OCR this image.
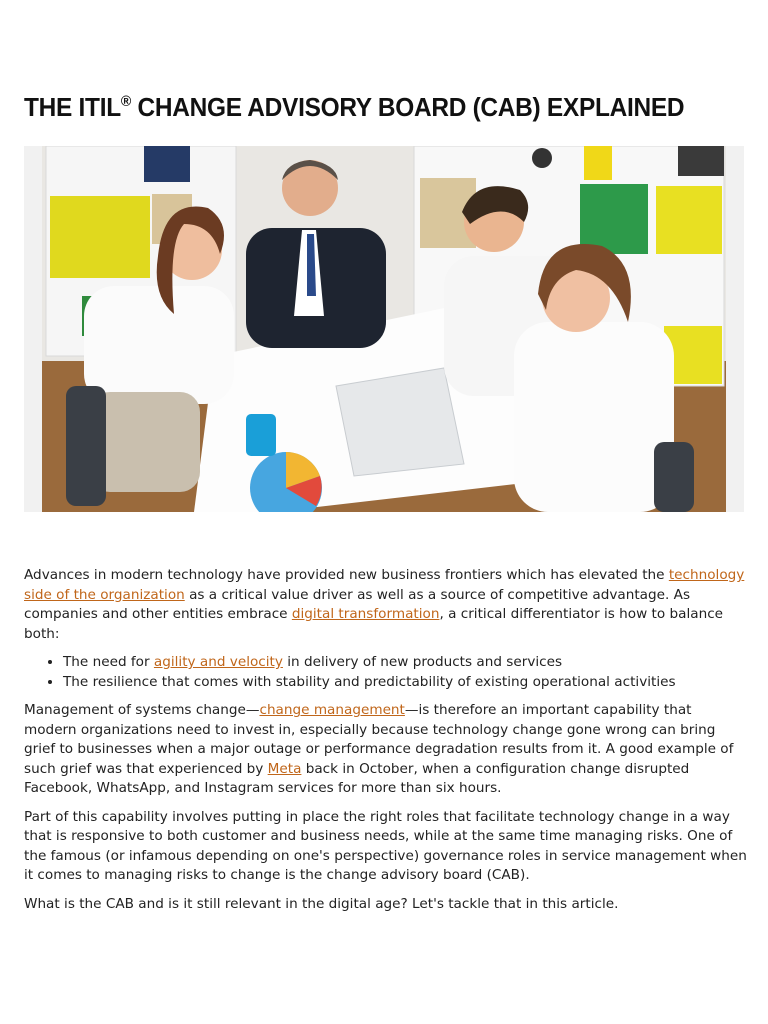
THE ITIL® CHANGE ADVISORY BOARD (CAB) EXPLAINED

Advances in modern technology have provided new business frontiers which has elevated the technology side of the organization as a critical value driver as well as a source of competitive advantage. As companies and other entities embrace digital transformation, a critical differentiator is how to balance both:

• The need for agility and velocity in delivery of new products and services
• The resilience that comes with stability and predictability of existing operational activities

Management of systems change—change management—is therefore an important capability that modern organizations need to invest in, especially because technology change gone wrong can bring grief to businesses when a major outage or performance degradation results from it. A good example of such grief was that experienced by Meta back in October, when a configuration change disrupted Facebook, WhatsApp, and Instagram services for more than six hours.

Part of this capability involves putting in place the right roles that facilitate technology change in a way that is responsive to both customer and business needs, while at the same time managing risks. One of the famous (or infamous depending on one's perspective) governance roles in service management when it comes to managing risks to change is the change advisory board (CAB).

What is the CAB and is it still relevant in the digital age? Let's tackle that in this article.
